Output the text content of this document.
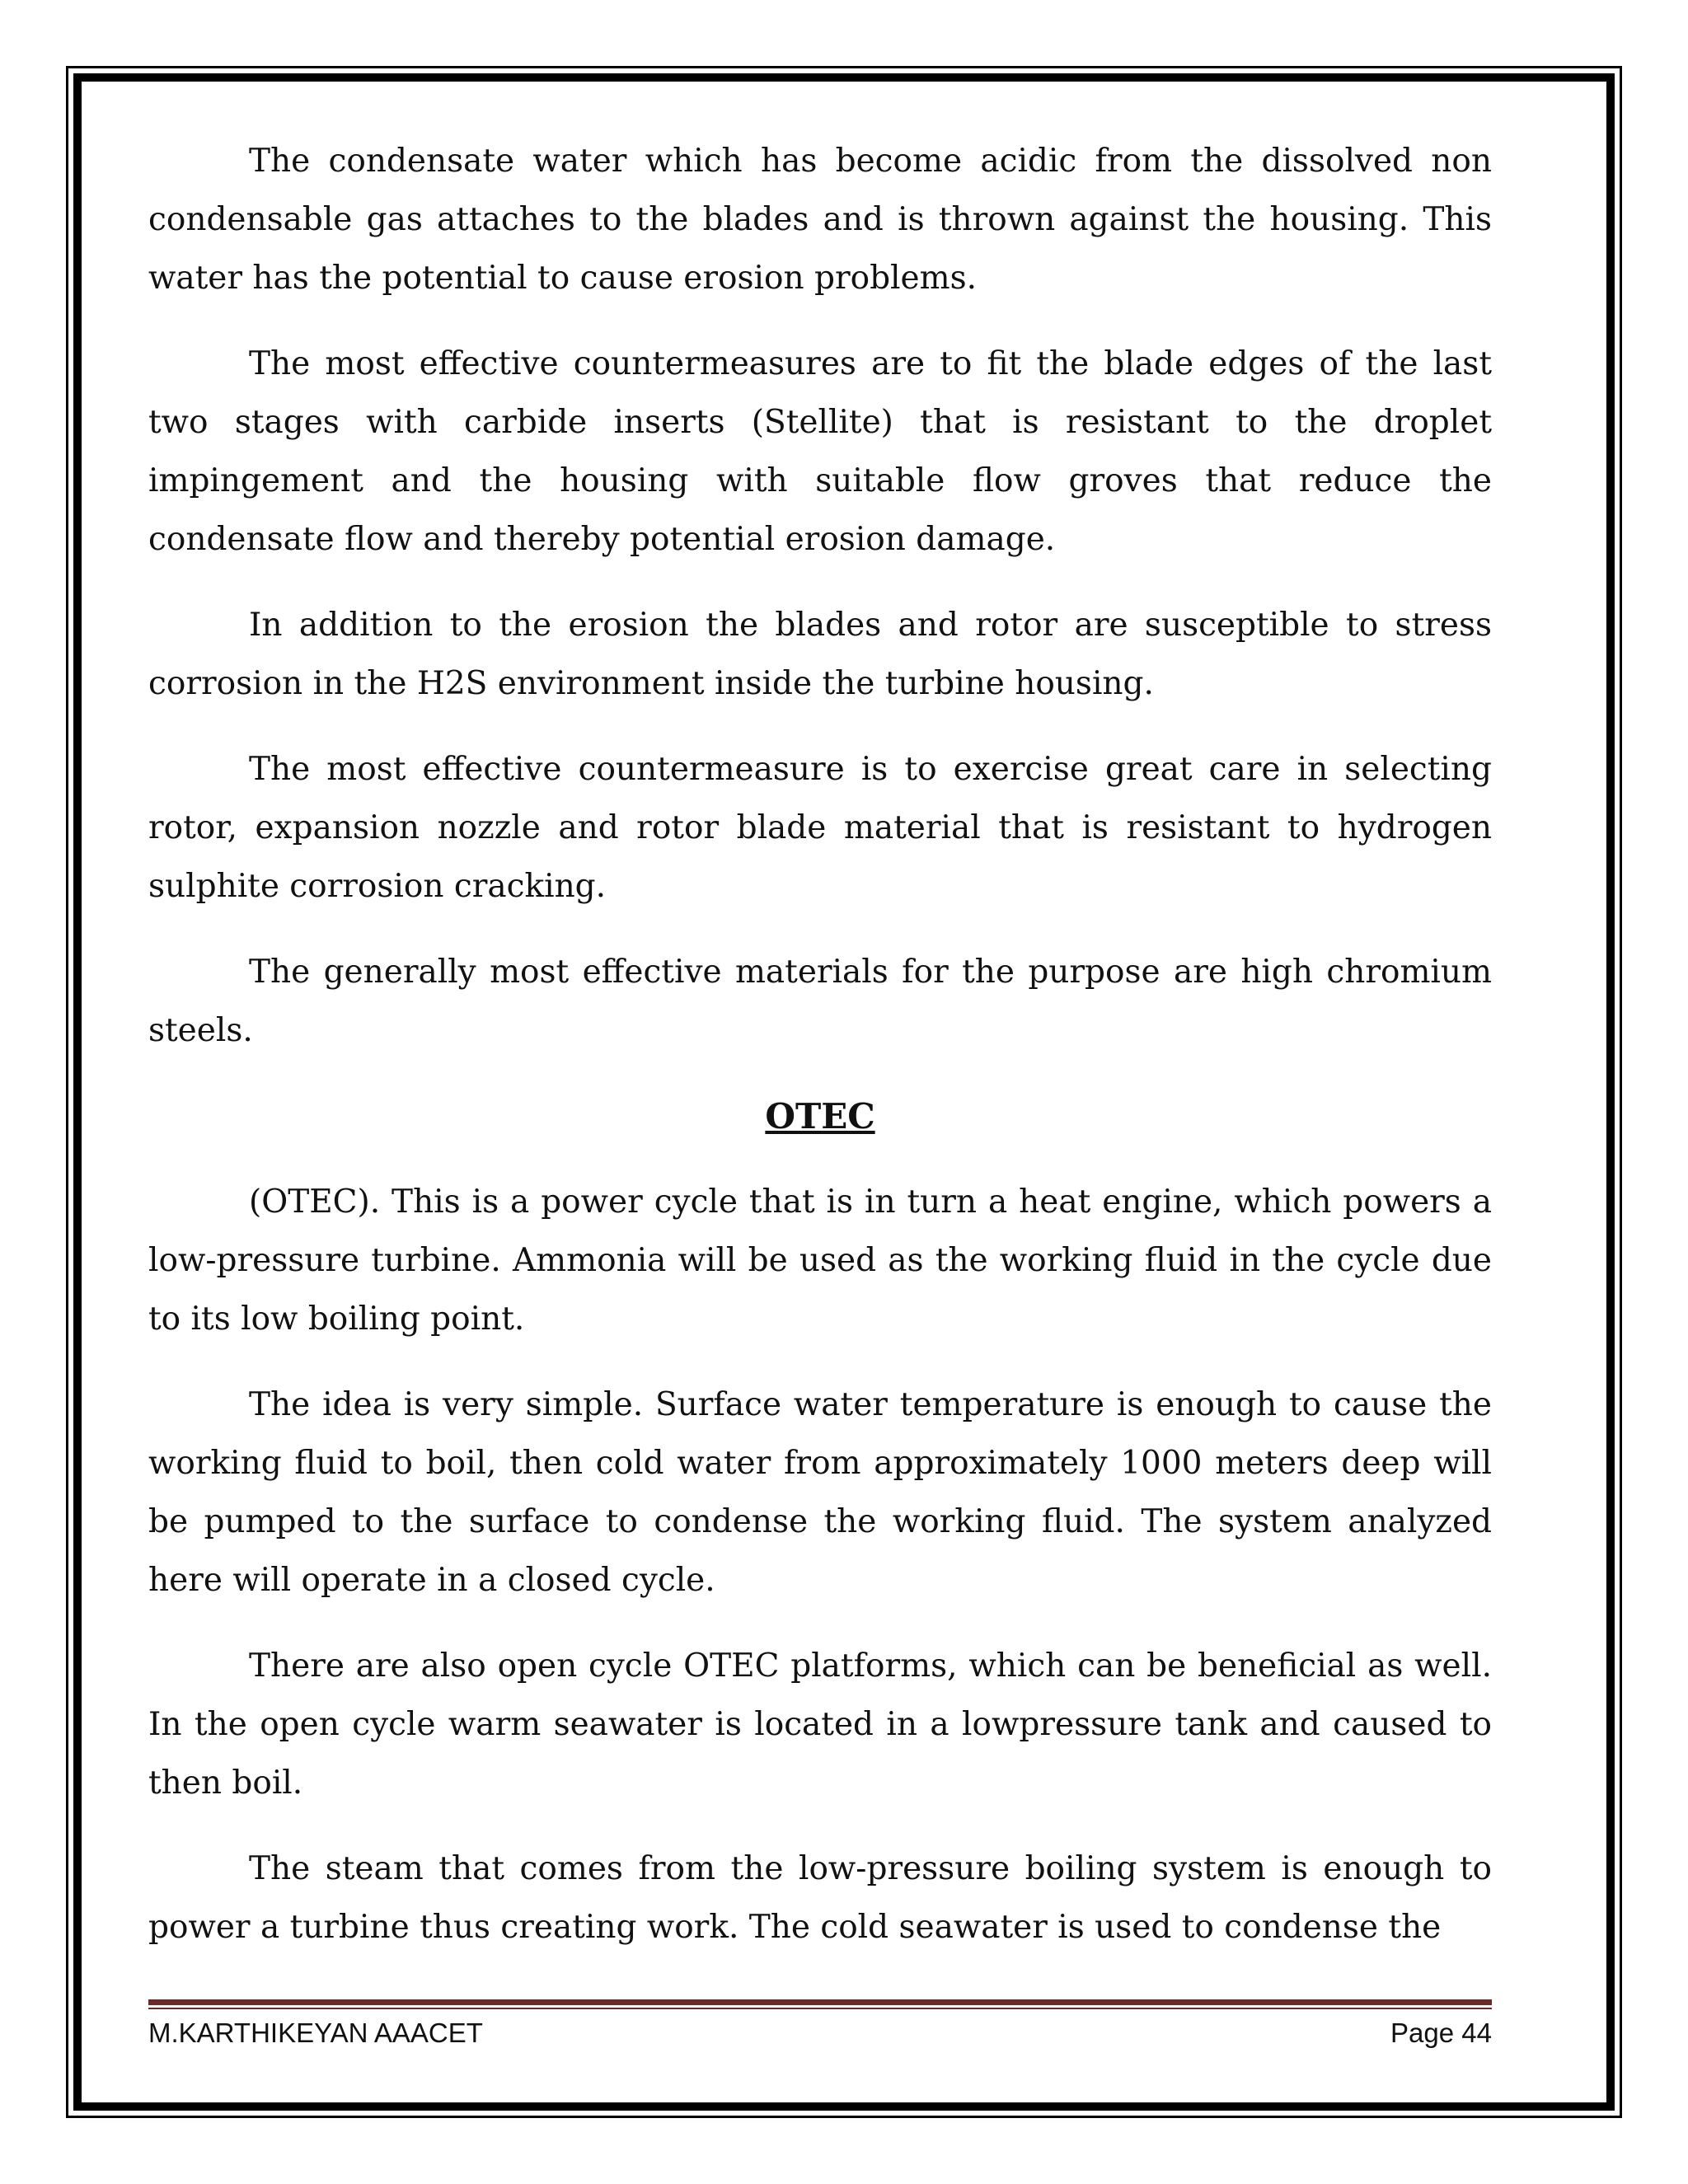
The condensate water which has become acidic from the dissolved non condensable gas attaches to the blades and is thrown against the housing. This water has the potential to cause erosion problems.

The most effective countermeasures are to fit the blade edges of the last two stages with carbide inserts (Stellite) that is resistant to the droplet impingement and the housing with suitable flow groves that reduce the condensate flow and thereby potential erosion damage.

In addition to the erosion the blades and rotor are susceptible to stress corrosion in the H2S environment inside the turbine housing.

The most effective countermeasure is to exercise great care in selecting rotor, expansion nozzle and rotor blade material that is resistant to hydrogen sulphite corrosion cracking.

The generally most effective materials for the purpose are high chromium steels.

OTEC

(OTEC). This is a power cycle that is in turn a heat engine, which powers a low-pressure turbine. Ammonia will be used as the working fluid in the cycle due to its low boiling point.

The idea is very simple. Surface water temperature is enough to cause the working fluid to boil, then cold water from approximately 1000 meters deep will be pumped to the surface to condense the working fluid. The system analyzed here will operate in a closed cycle.

There are also open cycle OTEC platforms, which can be beneficial as well. In the open cycle warm seawater is located in a lowpressure tank and caused to then boil.

The steam that comes from the low-pressure boiling system is enough to power a turbine thus creating work. The cold seawater is used to condense the

M.KARTHIKEYAN AAACET	Page 44
